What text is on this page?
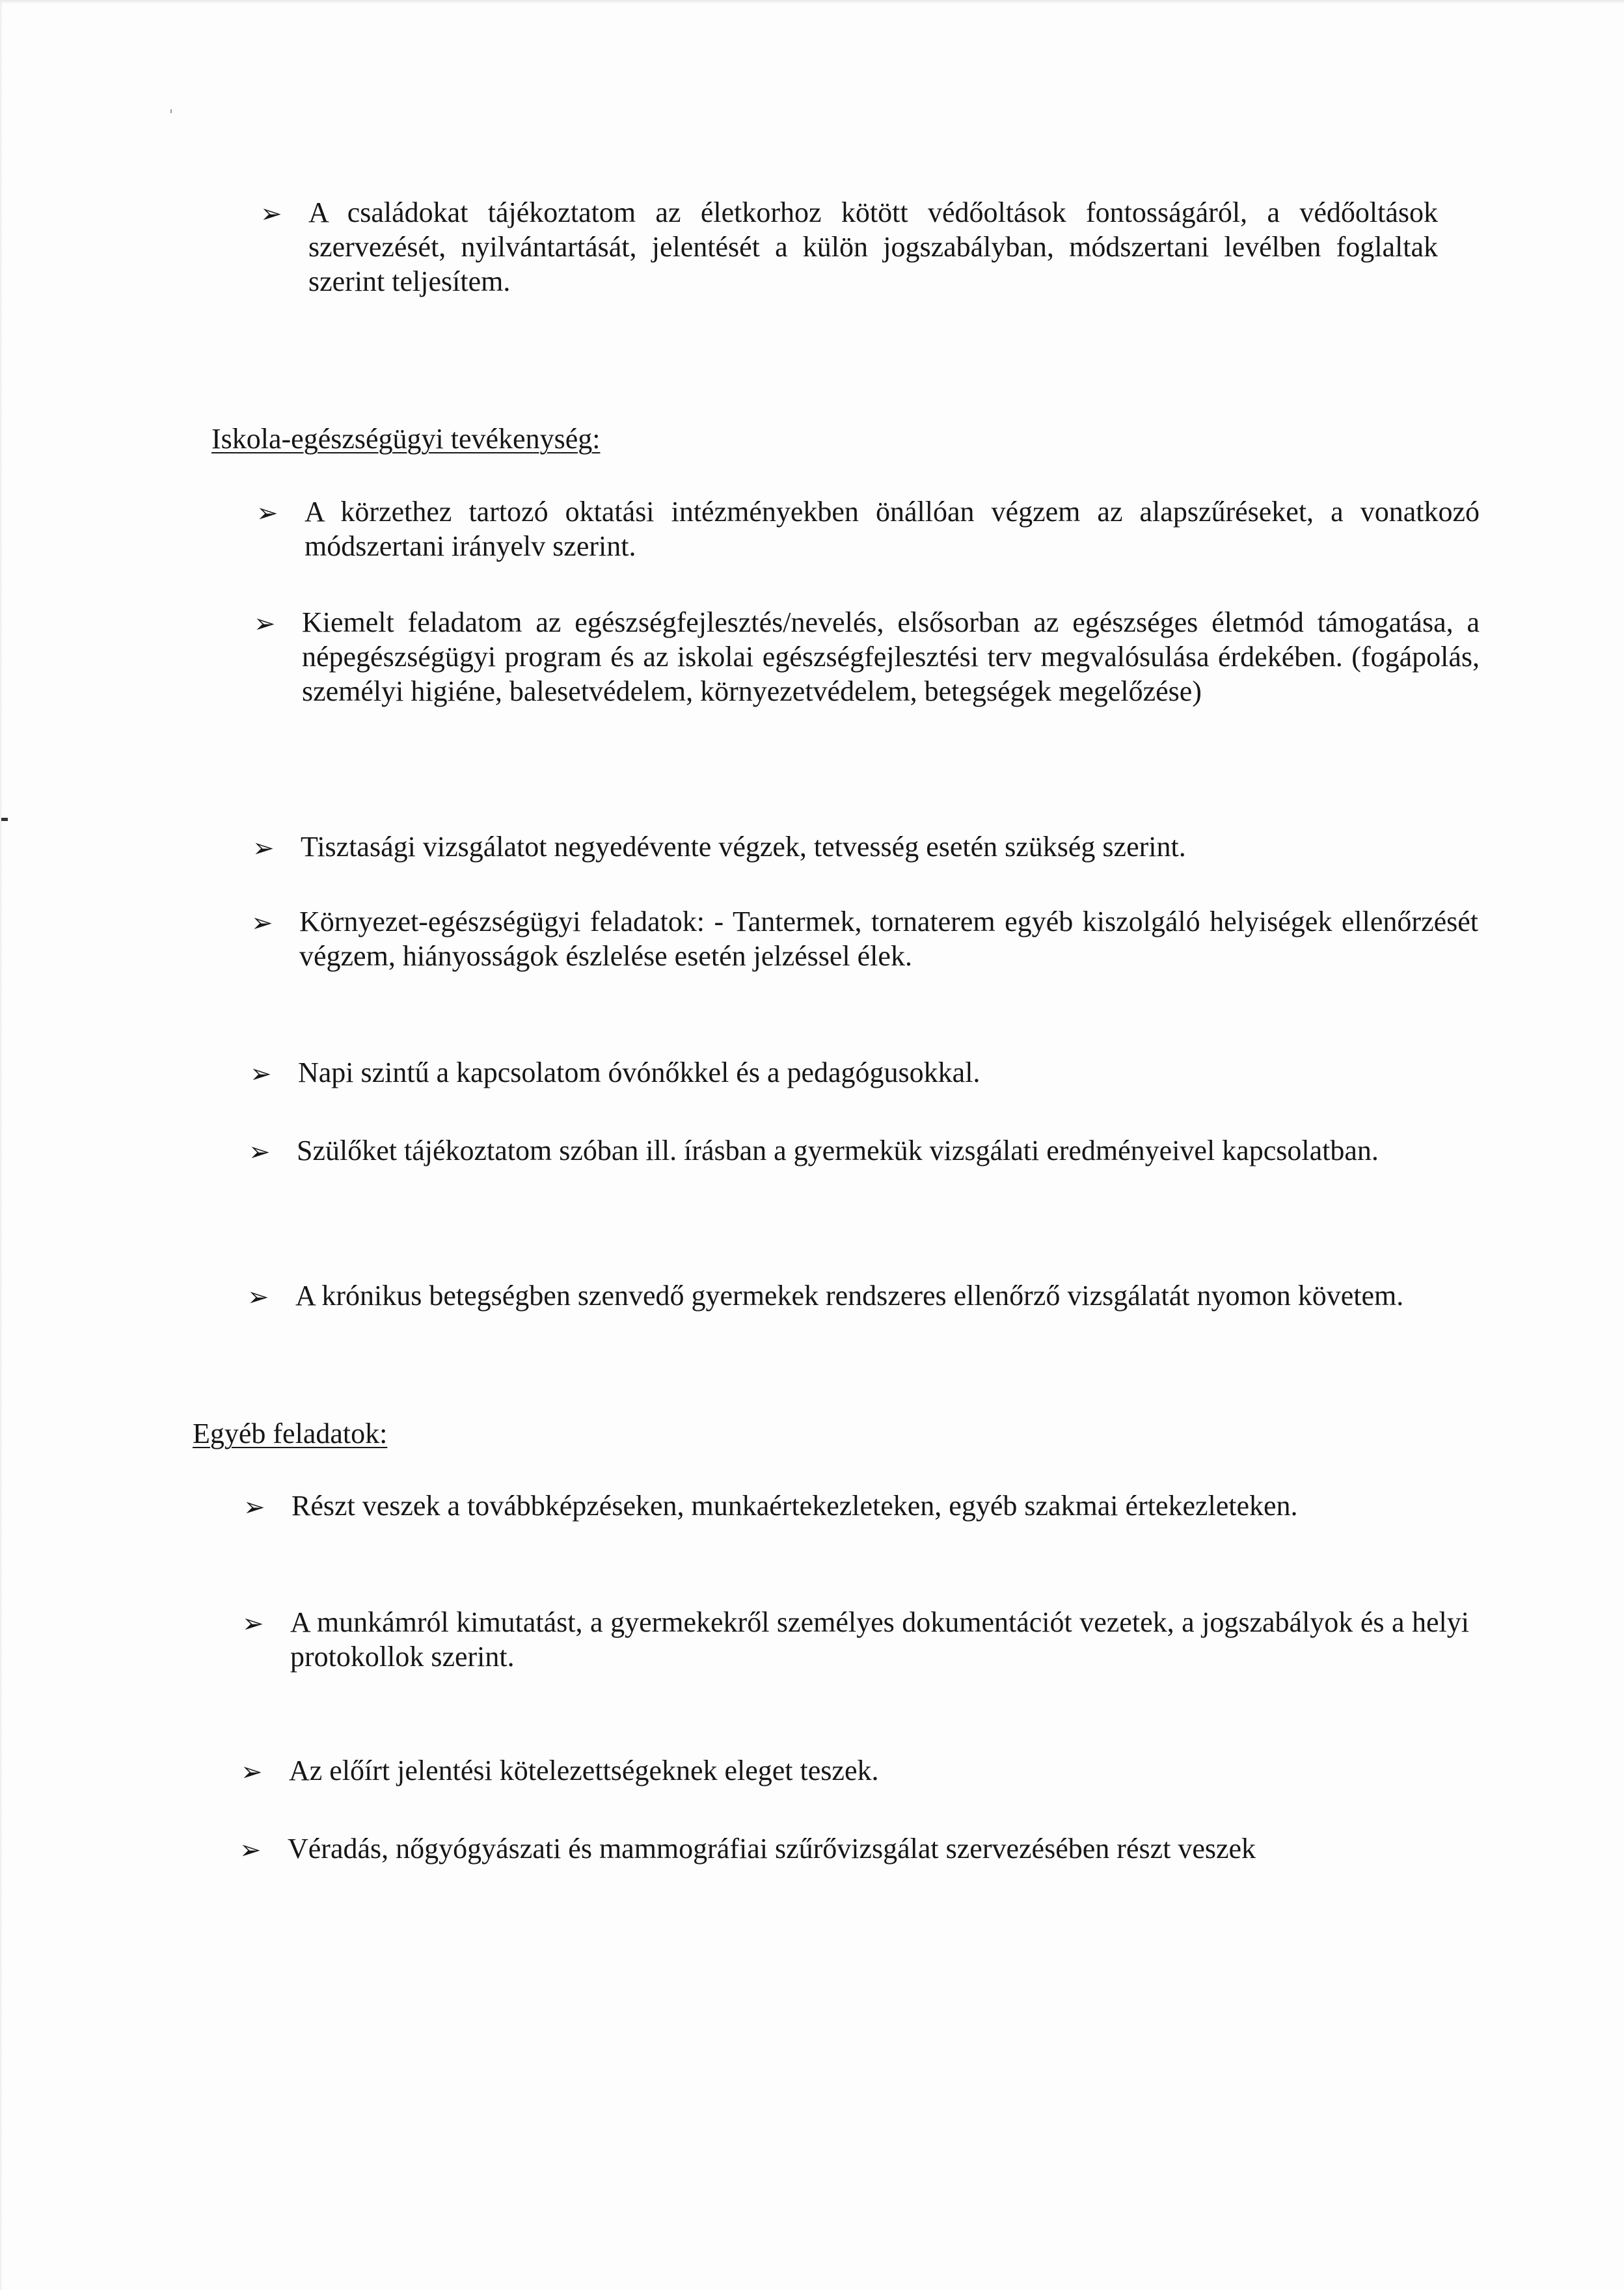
➢ A családokat tájékoztatom az életkorhoz kötött védőoltások fontosságáról, a védőoltások szervezését, nyilvántartását, jelentését a külön jogszabályban, módszertani levélben foglaltak szerint teljesítem.
Iskola-egészségügyi tevékenység:
➢ A körzethez tartozó oktatási intézményekben önállóan végzem az alapszűréseket, a vonatkozó módszertani irányelv szerint.
➢ Kiemelt feladatom az egészségfejlesztés/nevelés, elsősorban az egészséges életmód támogatása, a népegészségügyi program és az iskolai egészségfejlesztési terv megvalósulása érdekében. (fogápolás, személyi higiéne, balesetvédelem, környezetvédelem, betegségek megelőzése)
➢ Tisztasági vizsgálatot negyedévente végzek, tetvesség esetén szükség szerint.
➢ Környezet-egészségügyi feladatok: - Tantermek, tornaterem egyéb kiszolgáló helyiségek ellenőrzését végzem, hiányosságok észlelése esetén jelzéssel élek.
➢ Napi szintű a kapcsolatom óvónőkkel és a pedagógusokkal.
➢ Szülőket tájékoztatom szóban ill. írásban a gyermekük vizsgálati eredményeivel kapcsolatban.
➢ A krónikus betegségben szenvedő gyermekek rendszeres ellenőrző vizsgálatát nyomon követem.
Egyéb feladatok:
➢ Részt veszek a továbbképzéseken, munkaértekezleteken, egyéb szakmai értekezleteken.
➢ A munkámról kimutatást, a gyermekekről személyes dokumentációt vezetek, a jogszabályok és a helyi protokollok szerint.
➢ Az előírt jelentési kötelezettségeknek eleget teszek.
➢ Véradás, nőgyógyászati és mammográfiai szűrővizsgálat szervezésében részt veszek
